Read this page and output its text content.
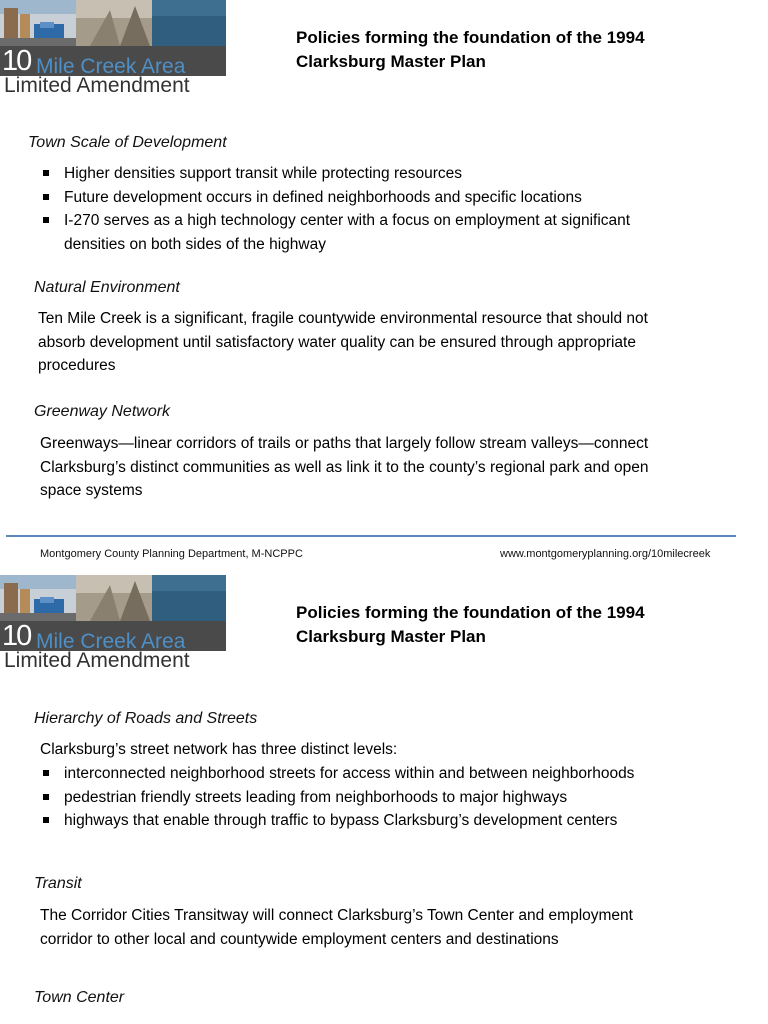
10 Mile Creek Area
Limited Amendment
Policies forming the foundation of the 1994 Clarksburg Master Plan
Town Scale of Development
Higher densities support transit while protecting resources
Future development occurs in defined neighborhoods and specific locations
I-270 serves as a high technology center with a focus on employment at significant densities on both sides of the highway
Natural Environment
Ten Mile Creek is a significant, fragile countywide environmental resource that should not absorb development until satisfactory water quality can be ensured through appropriate procedures
Greenway Network
Greenways—linear corridors of trails or paths that largely follow stream valleys—connect Clarksburg’s distinct communities as well as link it to the county’s regional park and open space systems
Montgomery County Planning Department, M-NCPPC	www.montgomeryplanning.org/10milecreek
10 Mile Creek Area
Limited Amendment
Policies forming the foundation of the 1994 Clarksburg Master Plan
Hierarchy of Roads and Streets
Clarksburg’s street network has three distinct levels:
interconnected neighborhood streets for access within and between neighborhoods
pedestrian friendly streets leading from neighborhoods to major highways
highways that enable through traffic to bypass Clarksburg’s development centers
Transit
The Corridor Cities Transitway will connect Clarksburg’s Town Center and employment corridor to other local and countywide employment centers and destinations
Town Center
